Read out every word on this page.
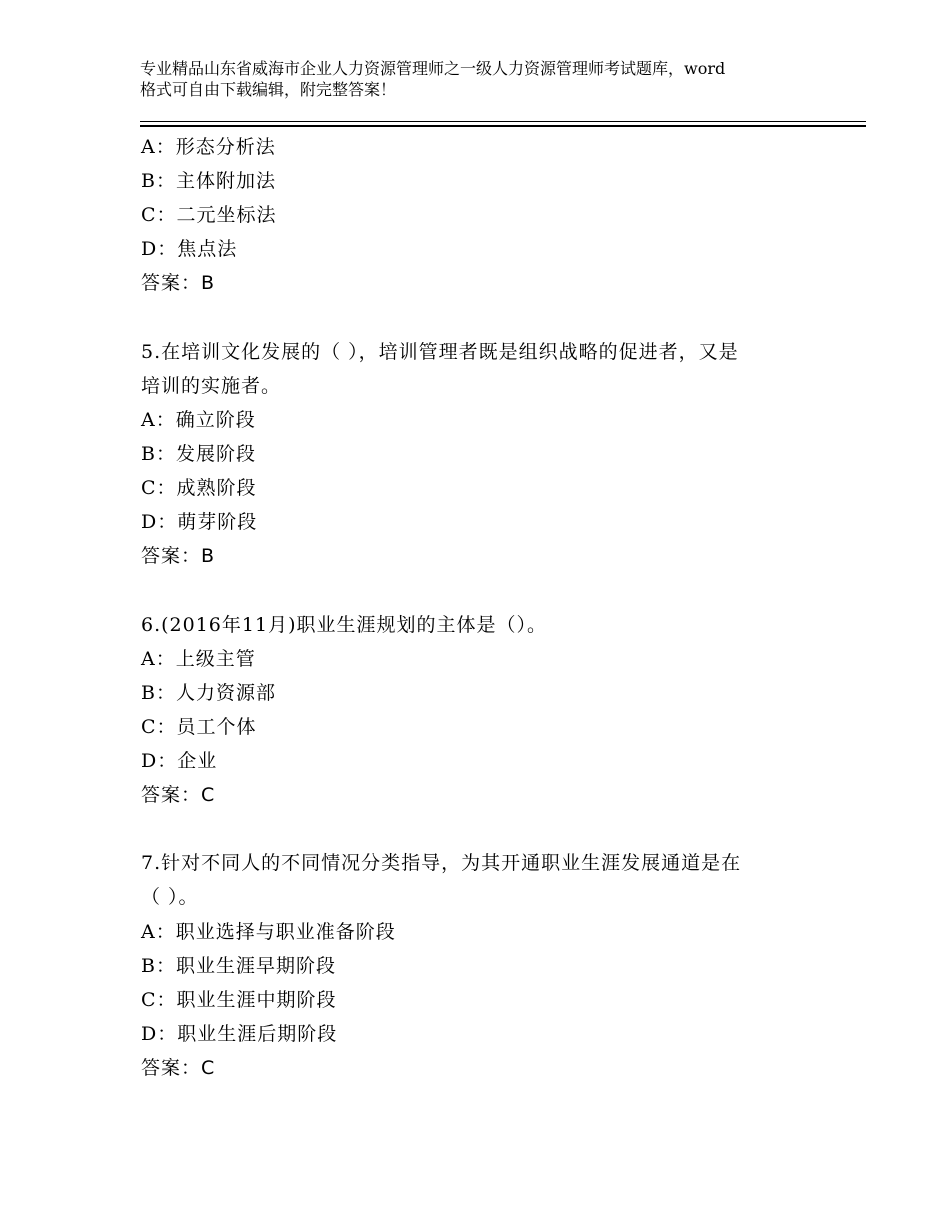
专业精品山东省威海市企业人力资源管理师之一级人力资源管理师考试题库，word
格式可自由下载编辑，附完整答案！
A：形态分析法
B：主体附加法
C：二元坐标法
D：焦点法
答案：B
5.在培训文化发展的（ ），培训管理者既是组织战略的促进者，又是
培训的实施者。
A：确立阶段
B：发展阶段
C：成熟阶段
D：萌芽阶段
答案：B
6.(2016年11月)职业生涯规划的主体是（）。
A：上级主管
B：人力资源部
C：员工个体
D：企业
答案：C
7.针对不同人的不同情况分类指导，为其开通职业生涯发展通道是在
（ ）。
A：职业选择与职业准备阶段
B：职业生涯早期阶段
C：职业生涯中期阶段
D：职业生涯后期阶段
答案：C
